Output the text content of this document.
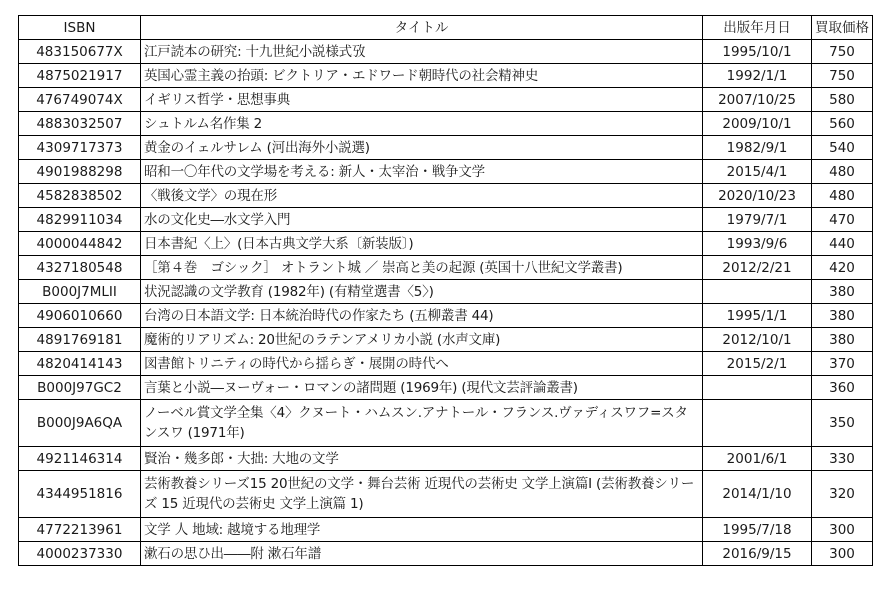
ISBN	タイトル	出版年月日	買取価格
483150677X	江戸読本の研究: 十九世紀小説様式攷	1995/10/1	750
4875021917	英国心霊主義の抬頭: ビクトリア・エドワード朝時代の社会精神史	1992/1/1	750
476749074X	イギリス哲学・思想事典	2007/10/25	580
4883032507	シュトルム名作集 2	2009/10/1	560
4309717373	黄金のイェルサレム (河出海外小説選)	1982/9/1	540
4901988298	昭和一〇年代の文学場を考える: 新人・太宰治・戦争文学	2015/4/1	480
4582838502	〈戦後文学〉の現在形	2020/10/23	480
4829911034	水の文化史―水文学入門	1979/7/1	470
4000044842	日本書紀〈上〉(日本古典文学大系〔新装版〕)	1993/9/6	440
4327180548	［第４巻　ゴシック］ オトラント城 ／ 崇高と美の起源 (英国十八世紀文学叢書)	2012/2/21	420
B000J7MLII	状況認識の文学教育 (1982年) (有精堂選書〈5〉)		380
4906010660	台湾の日本語文学: 日本統治時代の作家たち (五柳叢書 44)	1995/1/1	380
4891769181	魔術的リアリズム: 20世紀のラテンアメリカ小説 (水声文庫)	2012/10/1	380
4820414143	図書館トリニティの時代から揺らぎ・展開の時代へ	2015/2/1	370
B000J97GC2	言葉と小説―ヌーヴォー・ロマンの諸問題 (1969年) (現代文芸評論叢書)		360
B000J9A6QA	ノーベル賞文学全集〈4〉クヌート・ハムスン.アナトール・フランス.ヴァディスワフ=スタンスワ (1971年)		350
4921146314	賢治・幾多郎・大拙: 大地の文学	2001/6/1	330
4344951816	芸術教養シリーズ15 20世紀の文学・舞台芸術 近現代の芸術史 文学上演篇I (芸術教養シリーズ 15 近現代の芸術史 文学上演篇 1)	2014/1/10	320
4772213961	文学 人 地域: 越境する地理学	1995/7/18	300
4000237330	漱石の思ひ出――附 漱石年譜	2016/9/15	300
